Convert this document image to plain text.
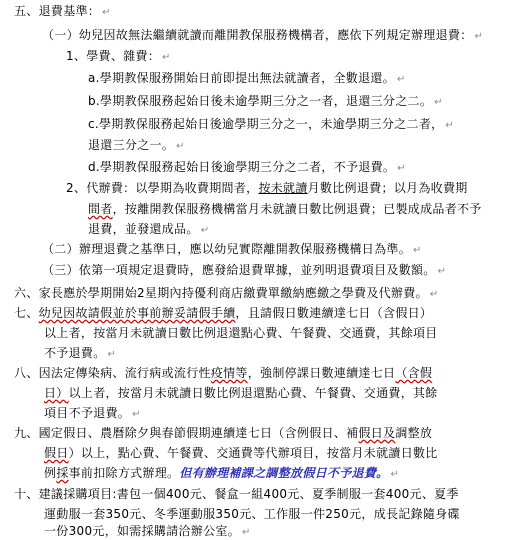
五、退費基準： ↵
（一）幼兒因故無法繼續就讀而離開教保服務機構者，應依下列規定辦理退費： ↵
1、學費、雜費： ↵
a.學期教保服務開始日前即提出無法就讀者，全數退還。 ↵
b.學期教保服務起始日後未逾學期三分之一者，退還三分之二。 ↵
c.學期教保服務起始日後逾學期三分之一，未逾學期三分之二者， ↵
退還三分之一。 ↵
d.學期教保服務起始日後逾學期三分之二者，不予退費。 ↵
2、代辦費：以學期為收費期間者，按未就讀月數比例退費；以月為收費期
間者，按離開教保服務機構當月未就讀日數比例退費；已製成成品者不予
退費，並發還成品。 ↵
（二）辦理退費之基準日，應以幼兒實際離開教保服務機構日為準。 ↵
（三）依第一項規定退費時，應發給退費單據，並列明退費項目及數額。 ↵
六、家長應於學期開始2星期內持優利商店繳費單繳納應繳之學費及代辦費。 ↵
七、幼兒因故請假並於事前辦妥請假手續，且請假日數連續達七日（含假日）
以上者，按當月未就讀日數比例退還點心費、午餐費、交通費，其餘項目
不予退費。 ↵
八、因法定傳染病、流行病或流行性疫情等，強制停課日數連續達七日（含假
日）以上者，按當月未就讀日數比例退還點心費、午餐費、交通費，其餘
項目不予退費。 ↵
九、國定假日、農曆除夕與春節假期連續達七日（含例假日、補假日及調整放
假日）以上，點心費、午餐費、交通費等代辦項目，按當月未就讀日數比
例採事前扣除方式辦理。但有辦理補課之調整放假日不予退費。 ↵
十、建議採購項目:書包一個400元、餐盒一組400元、夏季制服一套400元、夏季
運動服一套350元、冬季運動服350元、工作服一件250元，成長記錄隨身碟
一份300元，如需採購請洽辦公室。 ↵
